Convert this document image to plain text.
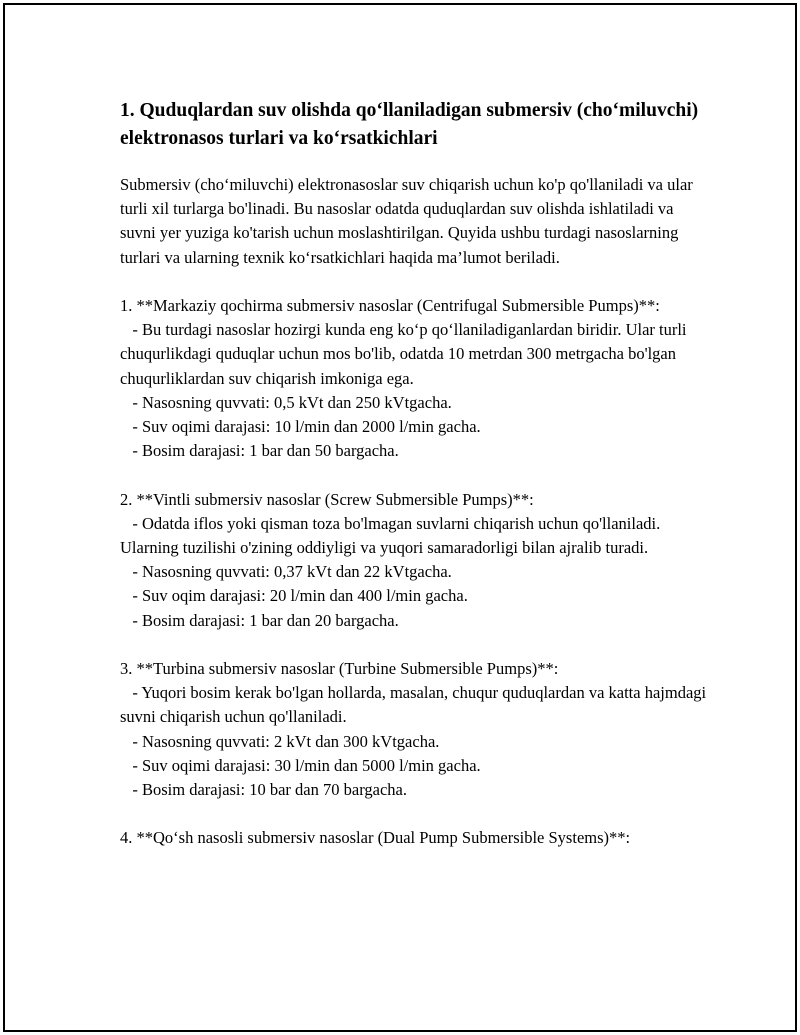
1. Quduqlardan suv olishda qo‘llaniladigan submersiv (cho‘miluvchi) elektronasos turlari va ko‘rsatkichlari
Submersiv (cho‘miluvchi) elektronasoslar suv chiqarish uchun ko'p qo'llaniladi va ular turli xil turlarga bo'linadi. Bu nasoslar odatda quduqlardan suv olishda ishlatiladi va suvni yer yuziga ko'tarish uchun moslashtirilgan. Quyida ushbu turdagi nasoslarning turlari va ularning texnik ko‘rsatkichlari haqida ma’lumot beriladi.

1. **Markaziy qochirma submersiv nasoslar (Centrifugal Submersible Pumps)**:
- Bu turdagi nasoslar hozirgi kunda eng ko‘p qo‘llaniladiganlardan biridir. Ular turli chuqurlikdagi quduqlar uchun mos bo'lib, odatda 10 metrdan 300 metrgacha bo'lgan chuqurliklardan suv chiqarish imkoniga ega.
- Nasosning quvvati: 0,5 kVt dan 250 kVtgacha.
- Suv oqimi darajasi: 10 l/min dan 2000 l/min gacha.
- Bosim darajasi: 1 bar dan 50 bargacha.

2. **Vintli submersiv nasoslar (Screw Submersible Pumps)**:
- Odatda iflos yoki qisman toza bo'lmagan suvlarni chiqarish uchun qo'llaniladi. Ularning tuzilishi o'zining oddiyligi va yuqori samaradorligi bilan ajralib turadi.
- Nasosning quvvati: 0,37 kVt dan 22 kVtgacha.
- Suv oqim darajasi: 20 l/min dan 400 l/min gacha.
- Bosim darajasi: 1 bar dan 20 bargacha.

3. **Turbina submersiv nasoslar (Turbine Submersible Pumps)**:
- Yuqori bosim kerak bo'lgan hollarda, masalan, chuqur quduqlardan va katta hajmdagi suvni chiqarish uchun qo'llaniladi.
- Nasosning quvvati: 2 kVt dan 300 kVtgacha.
- Suv oqimi darajasi: 30 l/min dan 5000 l/min gacha.
- Bosim darajasi: 10 bar dan 70 bargacha.

4. **Qo‘sh nasosli submersiv nasoslar (Dual Pump Submersible Systems)**:
